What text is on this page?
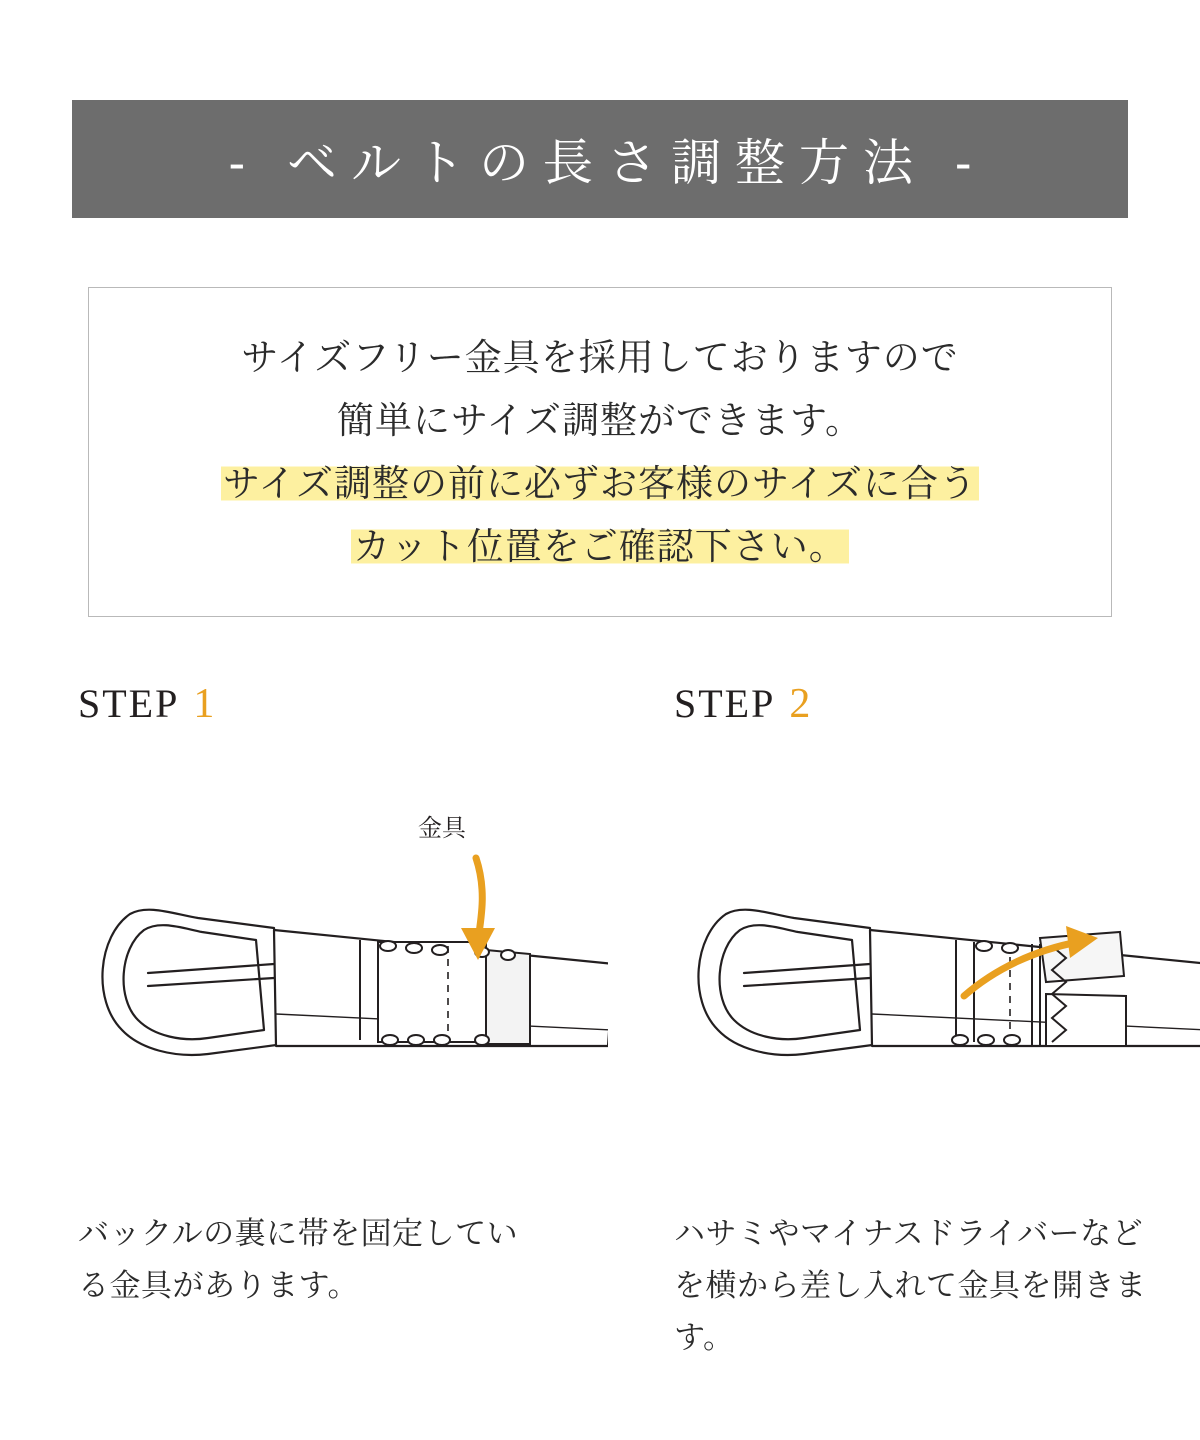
- ベルトの長さ調整方法 -
サイズフリー金具を採用しておりますので
簡単にサイズ調整ができます。
サイズ調整の前に必ずお客様のサイズに合う
カット位置をご確認下さい。
STEP 1
金具
バックルの裏に帯を固定している金具があります。
STEP 2
ハサミやマイナスドライバーなどを横から差し入れて金具を開きます。
